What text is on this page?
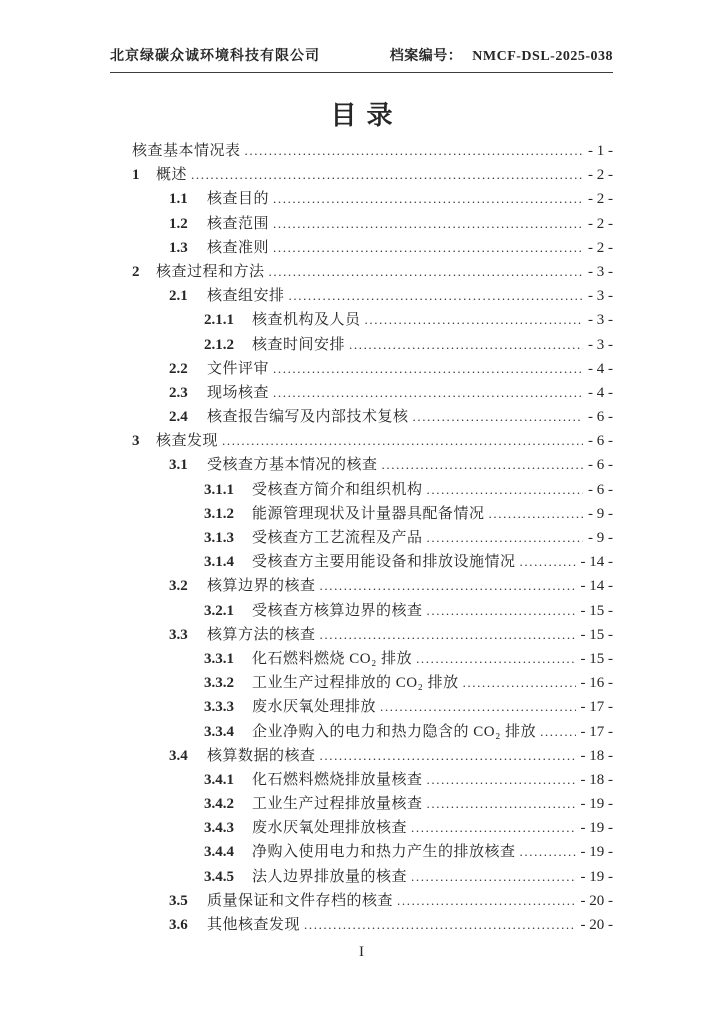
北京绿碳众诚环境科技有限公司	档案编号： NMCF-DSL-2025-038
目录
核查基本情况表 .....	- 1 -
1	概述 .....	- 2 -
1.1	核查目的 .....	- 2 -
1.2	核查范围 .....	- 2 -
1.3	核查准则 .....	- 2 -
2	核查过程和方法 .....	- 3 -
2.1	核查组安排 .....	- 3 -
2.1.1	核查机构及人员 .....	- 3 -
2.1.2	核查时间安排 .....	- 3 -
2.2	文件评审 .....	- 4 -
2.3	现场核查 .....	- 4 -
2.4	核查报告编写及内部技术复核 .....	- 6 -
3	核查发现 .....	- 6 -
3.1	受核查方基本情况的核查 .....	- 6 -
3.1.1	受核查方简介和组织机构 .....	- 6 -
3.1.2	能源管理现状及计量器具配备情况 .....	- 9 -
3.1.3	受核查方工艺流程及产品 .....	- 9 -
3.1.4	受核查方主要用能设备和排放设施情况 .....	- 14 -
3.2	核算边界的核查 .....	- 14 -
3.2.1	受核查方核算边界的核查 .....	- 15 -
3.3	核算方法的核查 .....	- 15 -
3.3.1	化石燃料燃烧 CO₂ 排放 .....	- 15 -
3.3.2	工业生产过程排放的 CO₂ 排放 .....	- 16 -
3.3.3	废水厌氧处理排放 .....	- 17 -
3.3.4	企业净购入的电力和热力隐含的 CO₂ 排放 .....	- 17 -
3.4	核算数据的核查 .....	- 18 -
3.4.1	化石燃料燃烧排放量核查 .....	- 18 -
3.4.2	工业生产过程排放量核查 .....	- 19 -
3.4.3	废水厌氧处理排放核查 .....	- 19 -
3.4.4	净购入使用电力和热力产生的排放核查 .....	- 19 -
3.4.5	法人边界排放量的核查 .....	- 19 -
3.5	质量保证和文件存档的核查 .....	- 20 -
3.6	其他核查发现 .....	- 20 -
I
